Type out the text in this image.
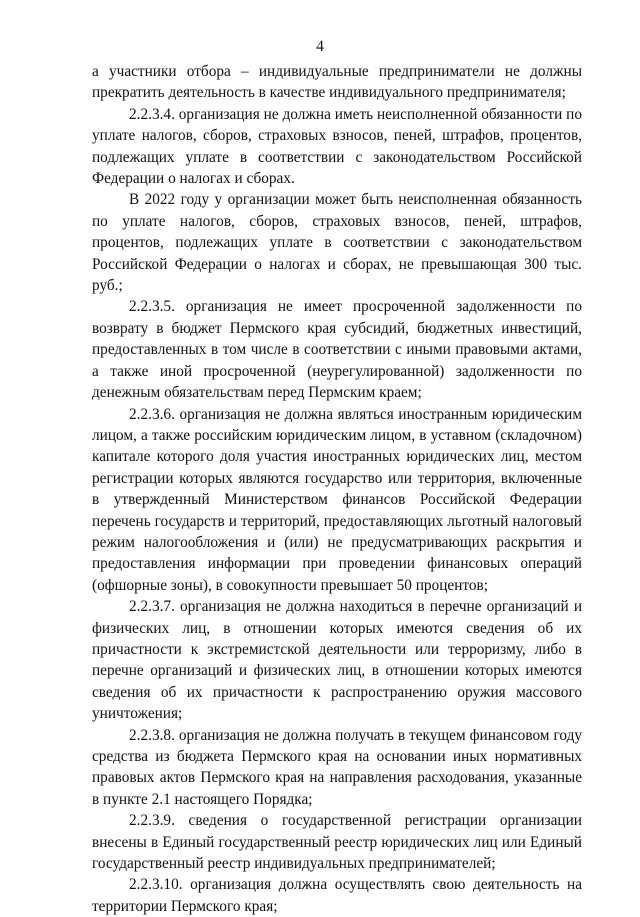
4

а участники отбора – индивидуальные предприниматели не должны прекратить деятельность в качестве индивидуального предпринимателя;

2.2.3.4. организация не должна иметь неисполненной обязанности по уплате налогов, сборов, страховых взносов, пеней, штрафов, процентов, подлежащих уплате в соответствии с законодательством Российской Федерации о налогах и сборах.

В 2022 году у организации может быть неисполненная обязанность по уплате налогов, сборов, страховых взносов, пеней, штрафов, процентов, подлежащих уплате в соответствии с законодательством Российской Федерации о налогах и сборах, не превышающая 300 тыс. руб.;

2.2.3.5. организация не имеет просроченной задолженности по возврату в бюджет Пермского края субсидий, бюджетных инвестиций, предоставленных в том числе в соответствии с иными правовыми актами, а также иной просроченной (неурегулированной) задолженности по денежным обязательствам перед Пермским краем;

2.2.3.6. организация не должна являться иностранным юридическим лицом, а также российским юридическим лицом, в уставном (складочном) капитале которого доля участия иностранных юридических лиц, местом регистрации которых являются государство или территория, включенные в утвержденный Министерством финансов Российской Федерации перечень государств и территорий, предоставляющих льготный налоговый режим налогообложения и (или) не предусматривающих раскрытия и предоставления информации при проведении финансовых операций (офшорные зоны), в совокупности превышает 50 процентов;

2.2.3.7. организация не должна находиться в перечне организаций и физических лиц, в отношении которых имеются сведения об их причастности к экстремистской деятельности или терроризму, либо в перечне организаций и физических лиц, в отношении которых имеются сведения об их причастности к распространению оружия массового уничтожения;

2.2.3.8. организация не должна получать в текущем финансовом году средства из бюджета Пермского края на основании иных нормативных правовых актов Пермского края на направления расходования, указанные в пункте 2.1 настоящего Порядка;

2.2.3.9. сведения о государственной регистрации организации внесены в Единый государственный реестр юридических лиц или Единый государственный реестр индивидуальных предпринимателей;

2.2.3.10. организация должна осуществлять свою деятельность на территории Пермского края;
